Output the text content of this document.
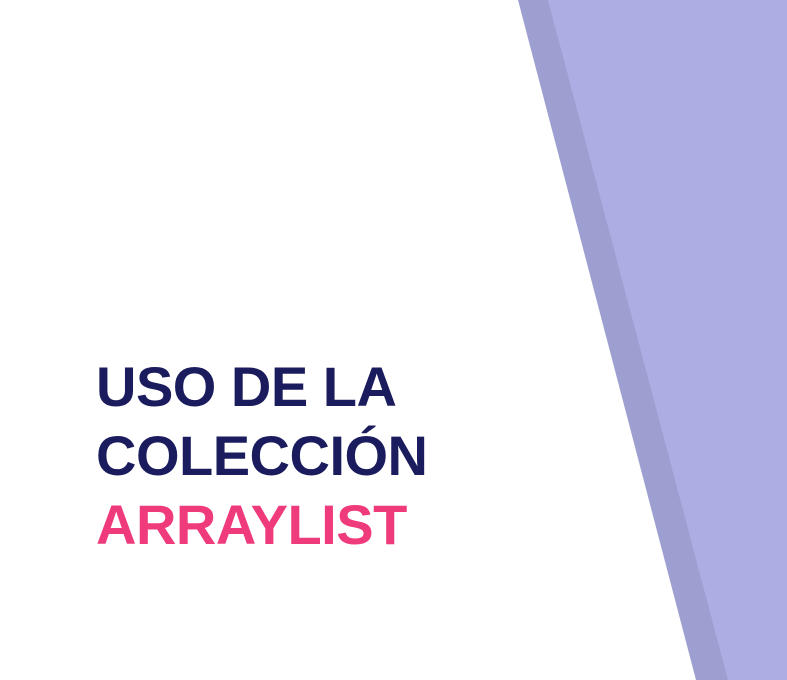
USO DE LA
COLECCIÓN
ARRAYLIST
